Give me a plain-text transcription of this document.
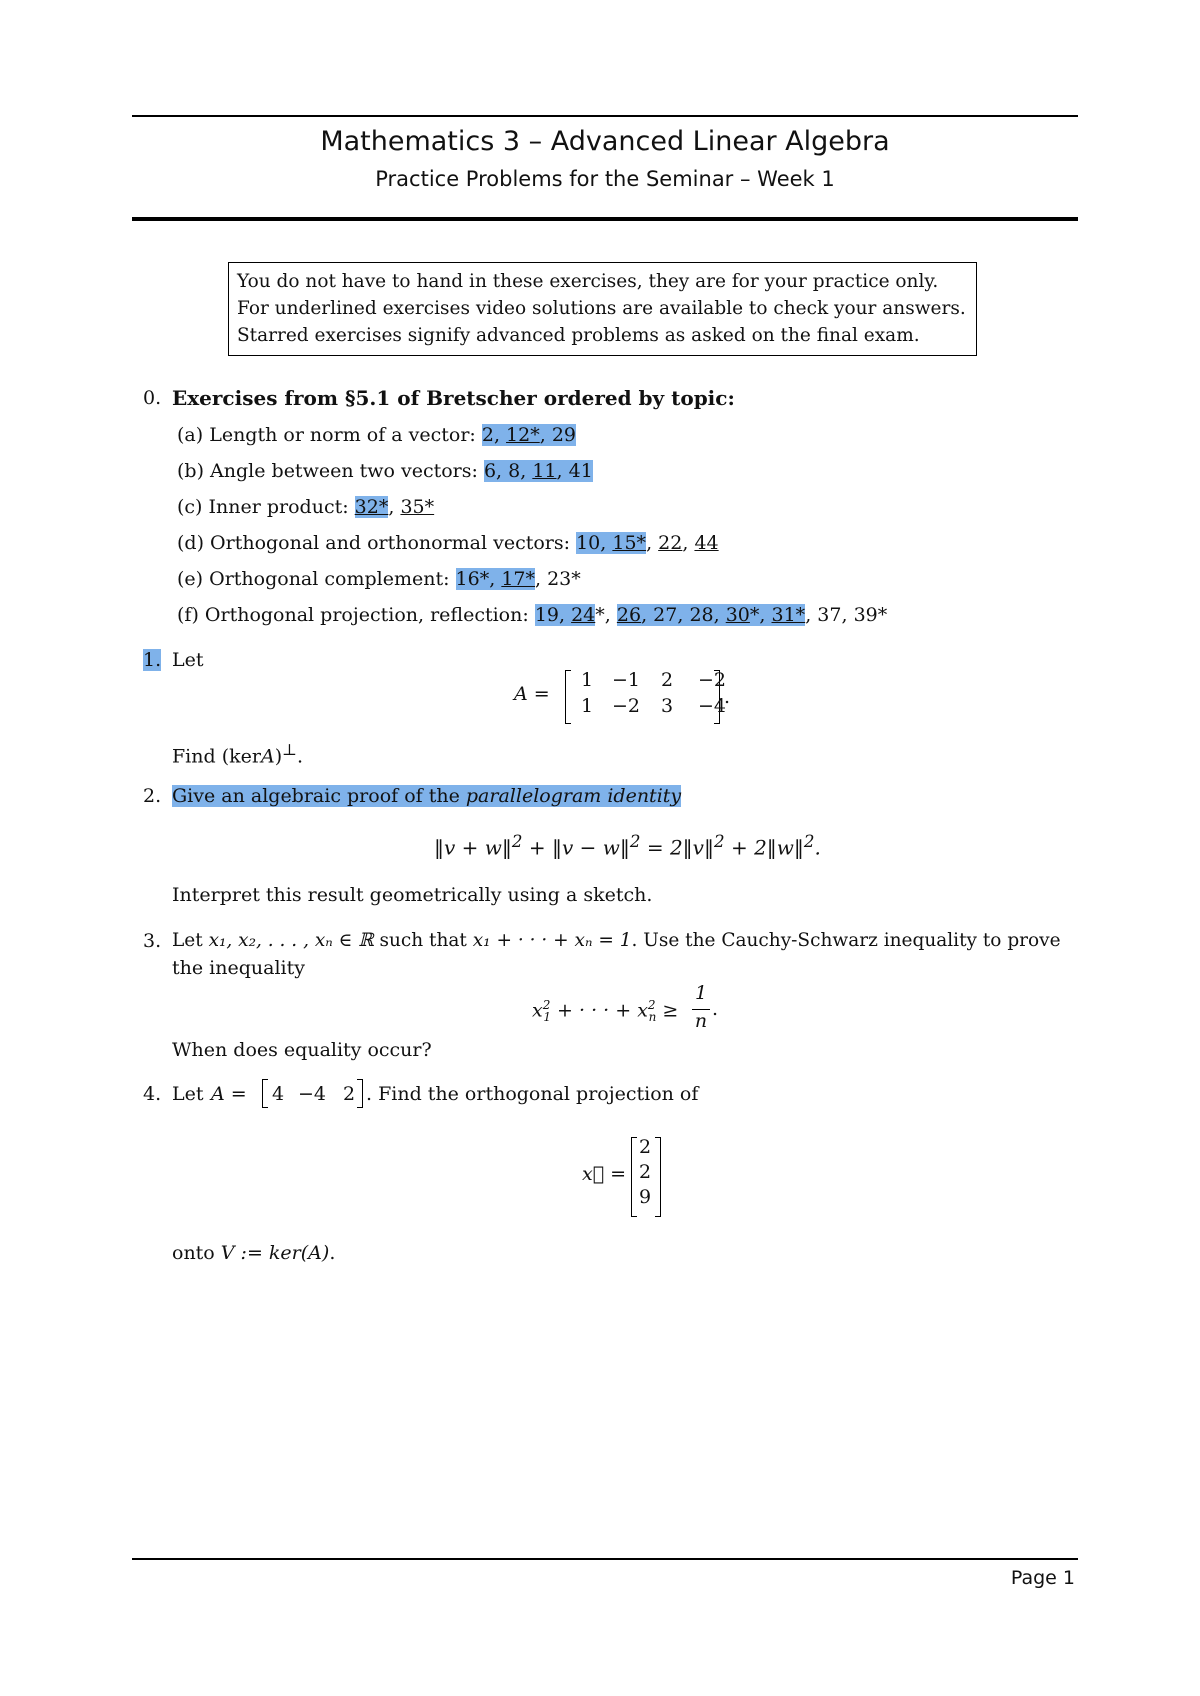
Mathematics 3 – Advanced Linear Algebra
Practice Problems for the Seminar – Week 1
You do not have to hand in these exercises, they are for your practice only.
For underlined exercises video solutions are available to check your answers.
Starred exercises signify advanced problems as asked on the final exam.
0. Exercises from §5.1 of Bretscher ordered by topic:
(a) Length or norm of a vector: 2, 12*, 29
(b) Angle between two vectors: 6, 8, 11, 41
(c) Inner product: 32*, 35*
(d) Orthogonal and orthonormal vectors: 10, 15*, 22, 44
(e) Orthogonal complement: 16*, 17*, 23*
(f) Orthogonal projection, reflection: 19, 24*, 26, 27, 28, 30*, 31*, 37, 39*
1. Let
A =
1 −1	2	−2
1 −2	3	−4
.
Find (kerA)⊥.
2. Give an algebraic proof of the parallelogram identity
‖v + w‖$^2$ + ‖v − w‖$^2$ = 2‖v‖$^2$ + 2‖w‖$^2$.
Interpret this result geometrically using a sketch.
3. Let x₁, x₂, . . . , xₙ ∈ ℝ such that x₁ + · · · + xₙ = 1. Use the Cauchy-Schwarz inequality to prove
the inequality
$x^2_1$ + · · · + $x^2_n$ ≥
1
n
.
When does equality occur?
4. Let A =	4 −4 2 . Find the orthogonal projection of
x⃗ =
2
2
9
onto V := ker(A).
Page 1
